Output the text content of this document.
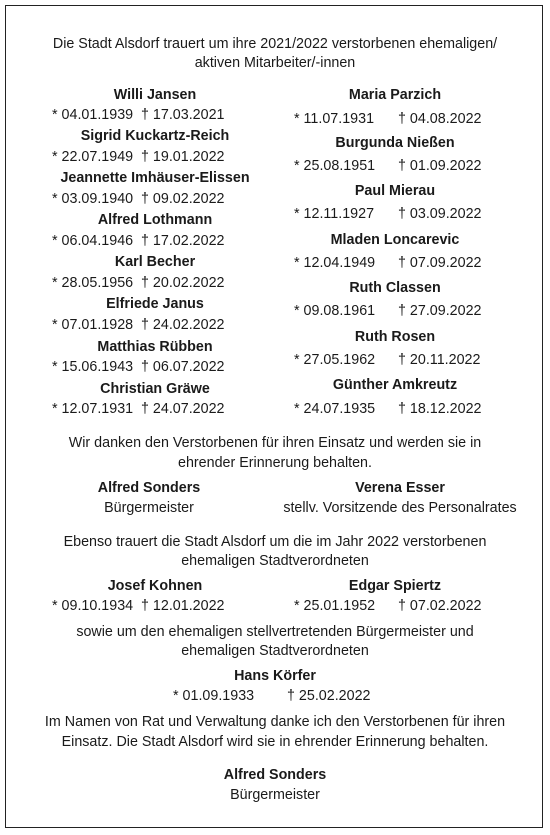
Die Stadt Alsdorf trauert um ihre 2021/2022 verstorbenen ehemaligen/
aktiven Mitarbeiter/-innen
Willi Jansen
* 04.01.1939 † 17.03.2021
Sigrid Kuckartz-Reich
* 22.07.1949 † 19.01.2022
Jeannette Imhäuser-Elissen
* 03.09.1940 † 09.02.2022
Alfred Lothmann
* 06.04.1946 † 17.02.2022
Karl Becher
* 28.05.1956 † 20.02.2022
Elfriede Janus
* 07.01.1928 † 24.02.2022
Matthias Rübben
* 15.06.1943 † 06.07.2022
Christian Gräwe
* 12.07.1931 † 24.07.2022
Maria Parzich
* 11.07.1931 † 04.08.2022
Burgunda Nießen
* 25.08.1951 † 01.09.2022
Paul Mierau
* 12.11.1927 † 03.09.2022
Mladen Loncarevic
* 12.04.1949 † 07.09.2022
Ruth Classen
* 09.08.1961 † 27.09.2022
Ruth Rosen
* 27.05.1962 † 20.11.2022
Günther Amkreutz
* 24.07.1935 † 18.12.2022
Wir danken den Verstorbenen für ihren Einsatz und werden sie in
ehrender Erinnerung behalten.
Alfred Sonders
Bürgermeister
Verena Esser
stellv. Vorsitzende des Personalrates
Ebenso trauert die Stadt Alsdorf um die im Jahr 2022 verstorbenen
ehemaligen Stadtverordneten
Josef Kohnen
* 09.10.1934 † 12.01.2022
Edgar Spiertz
* 25.01.1952 † 07.02.2022
sowie um den ehemaligen stellvertretenden Bürgermeister und
ehemaligen Stadtverordneten
Hans Körfer
* 01.09.1933 † 25.02.2022
Im Namen von Rat und Verwaltung danke ich den Verstorbenen für ihren
Einsatz. Die Stadt Alsdorf wird sie in ehrender Erinnerung behalten.
Alfred Sonders
Bürgermeister
